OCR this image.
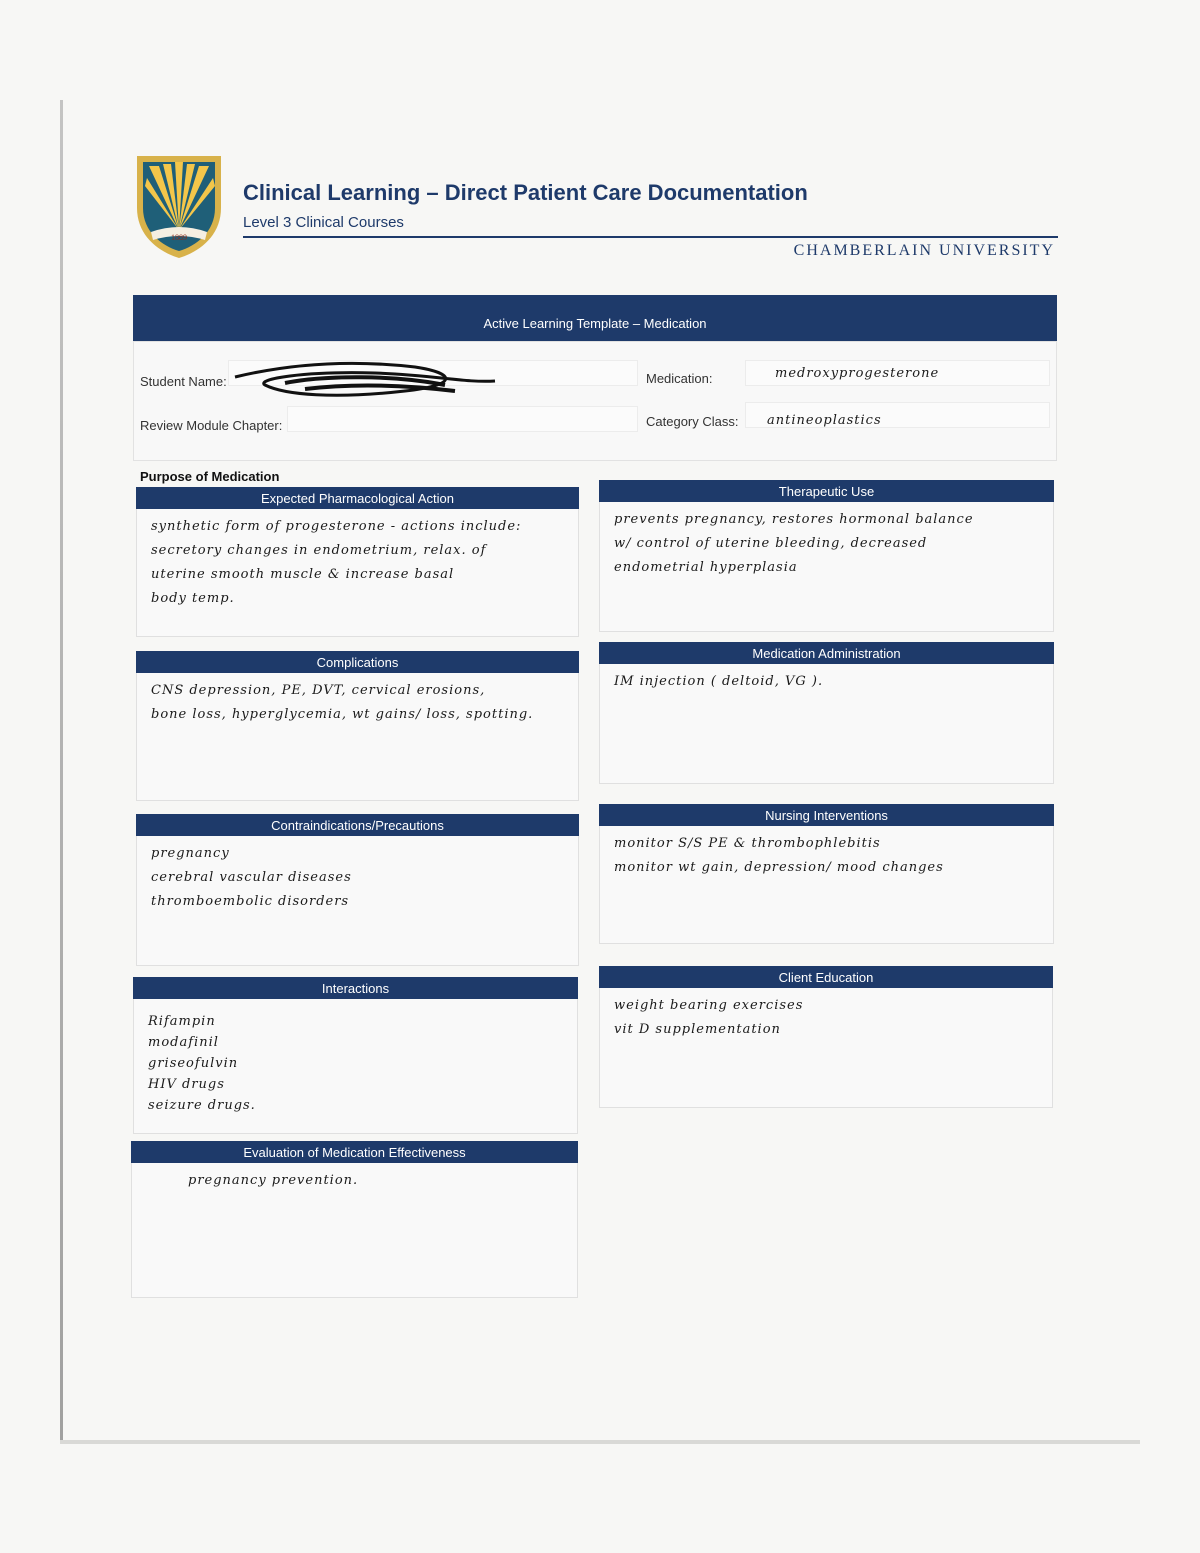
1889
Clinical Learning – Direct Patient Care Documentation
Level 3 Clinical Courses
CHAMBERLAIN UNIVERSITY
Active Learning Template – Medication
Student Name:
Review Module Chapter:
Medication:	medroxyprogesterone
Category Class: antineoplastics
Purpose of Medication
Expected Pharmacological Action
synthetic form of progesterone - actions include:
secretory changes in endometrium, relax. of
uterine smooth muscle & increase basal
body temp.
Therapeutic Use
prevents pregnancy, restores hormonal balance
w/ control of uterine bleeding, decreased
endometrial hyperplasia
Complications
CNS depression, PE, DVT, cervical erosions,
bone loss, hyperglycemia, wt gains/ loss, spotting.
Medication Administration
IM injection ( deltoid, VG ).
Contraindications/Precautions
pregnancy
cerebral vascular diseases
thromboembolic disorders
Nursing Interventions
monitor S/S PE & thrombophlebitis
monitor wt gain, depression/ mood changes
Interactions
Rifampin
modafinil
griseofulvin
HIV drugs
seizure drugs.
Client Education
weight bearing exercises
vit D supplementation
Evaluation of Medication Effectiveness
pregnancy prevention.
